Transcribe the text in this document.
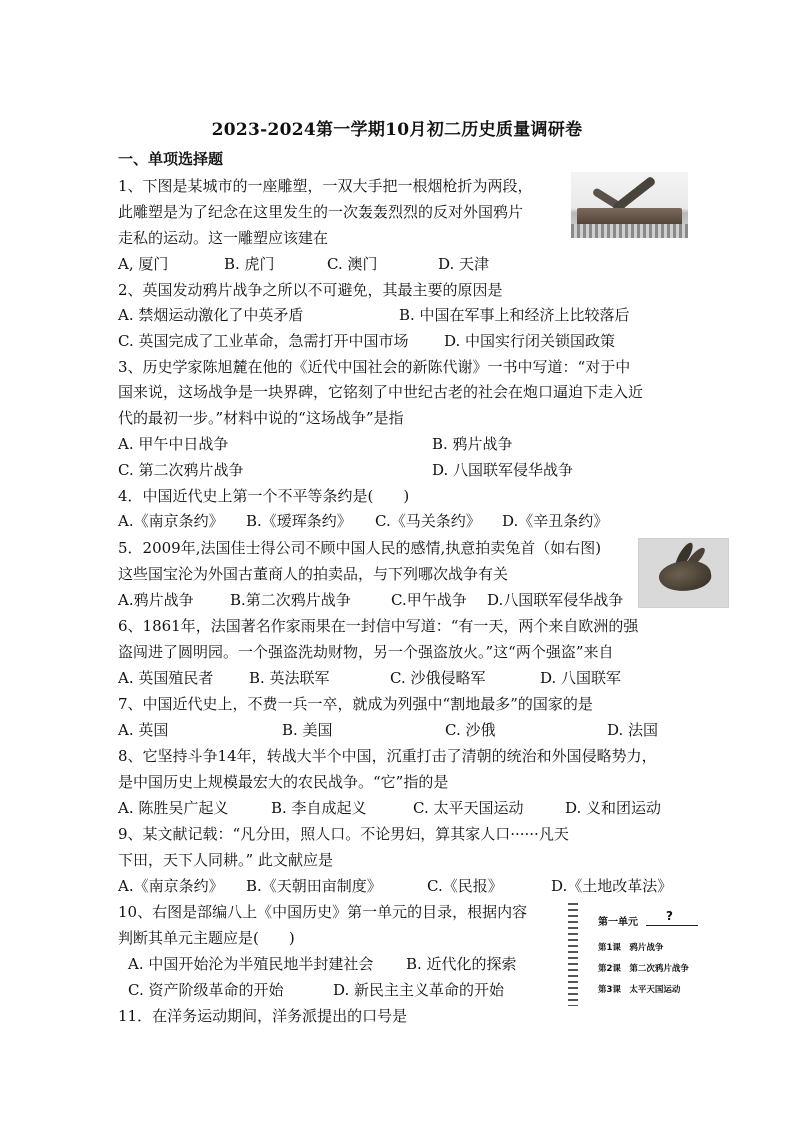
2023-2024第一学期10月初二历史质量调研卷
一、单项选择题
1、下图是某城市的一座雕塑，一双大手把一根烟枪折为两段，
此雕塑是为了纪念在这里发生的一次轰轰烈烈的反对外国鸦片
走私的运动。这一雕塑应该建在
A, 厦门	B. 虎门	C. 澳门	D. 天津
2、英国发动鸦片战争之所以不可避免，其最主要的原因是
A. 禁烟运动激化了中英矛盾	B. 中国在军事上和经济上比较落后
C. 英国完成了工业革命，急需打开中国市场 D. 中国实行闭关锁国政策
3、历史学家陈旭麓在他的《近代中国社会的新陈代谢》一书中写道：“对于中
国来说，这场战争是一块界碑，它铭刻了中世纪古老的社会在炮口逼迫下走入近
代的最初一步。”材料中说的“这场战争”是指
A. 甲午中日战争	B. 鸦片战争
C. 第二次鸦片战争	D. 八国联军侵华战争
4．中国近代史上第一个不平等条约是(　　)
A.《南京条约》 B.《瑷珲条约》 C.《马关条约》 D.《辛丑条约》
5．2009年,法国佳士得公司不顾中国人民的感情,执意拍卖兔首（如右图)
这些国宝沦为外国古董商人的拍卖品，与下列哪次战争有关
A.鸦片战争 B.第二次鸦片战争	C.甲午战争 D.八国联军侵华战争
6、1861年，法国著名作家雨果在一封信中写道：“有一天，两个来自欧洲的强
盗闯进了圆明园。一个强盗洗劫财物，另一个强盗放火。”这“两个强盗”来自
A. 英国殖民者 B. 英法联军	C. 沙俄侵略军	D. 八国联军
7、中国近代史上，不费一兵一卒，就成为列强中“割地最多”的国家的是
A. 英国	B. 美国	C. 沙俄	D. 法国
8、它坚持斗争14年，转战大半个中国，沉重打击了清朝的统治和外国侵略势力，
是中国历史上规模最宏大的农民战争。“它”指的是
A. 陈胜吴广起义	B. 李自成起义	C. 太平天国运动	D. 义和团运动
9、某文献记载：“凡分田，照人口。不论男妇，算其家人口······凡天
下田，天下人同耕。” 此文献应是
A.《南京条约》 B.《天朝田亩制度》	C.《民报》	D.《土地改革法》
10、右图是部编八上《中国历史》第一单元的目录，根据内容
判断其单元主题应是(　　)
A. 中国开始沦为半殖民地半封建社会 B. 近代化的探索
C. 资产阶级革命的开始	D. 新民主主义革命的开始
第一单元 ?
第1课　鸦片战争
第2课　第二次鸦片战争
第3课　太平天国运动
11．在洋务运动期间，洋务派提出的口号是
